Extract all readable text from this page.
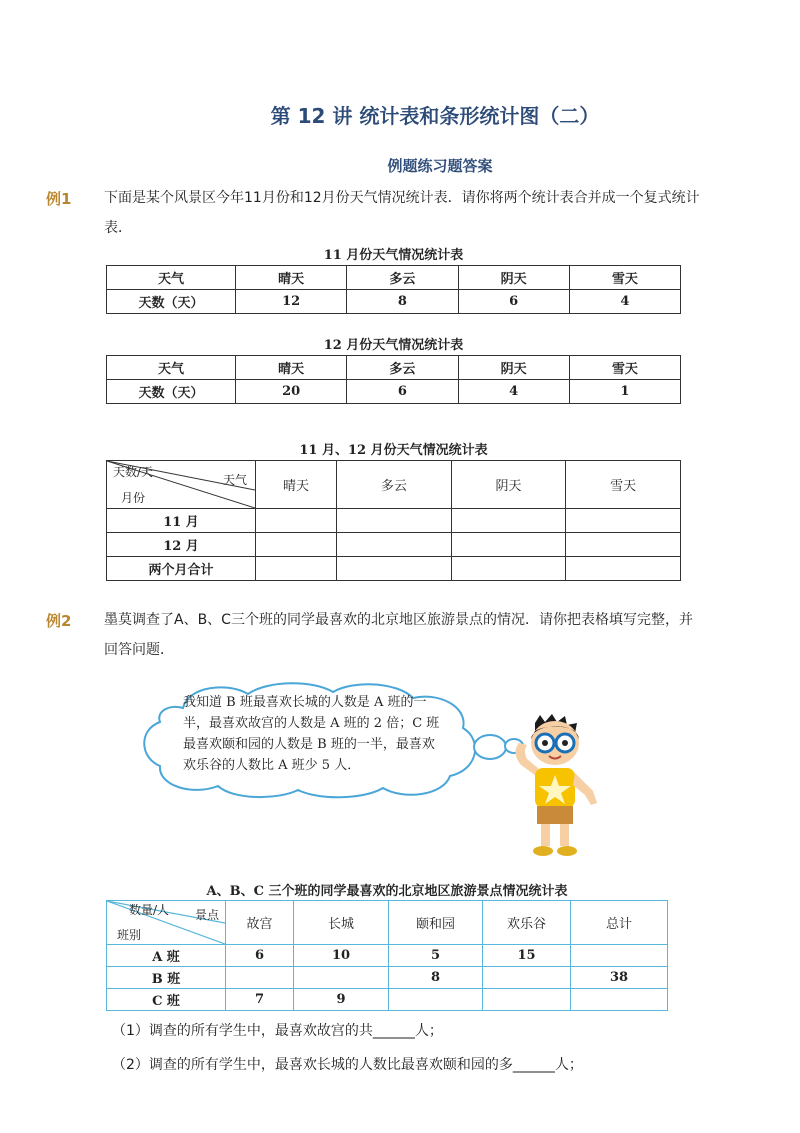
第 12 讲 统计表和条形统计图（二）
例题练习题答案
例1 下面是某个风景区今年11月份和12月份天气情况统计表．请你将两个统计表合并成一个复式统计
表．
11 月份天气情况统计表
天气	晴天	多云	阴天	雪天
天数（天）	12	8	6	4
12 月份天气情况统计表
天气	晴天	多云	阴天	雪天
天数（天）	20	6	4	1
11 月、12 月份天气情况统计表
天数/天
天气
月份	晴天	多云	阴天	雪天
11 月				
12 月				
两个月合计				
例2 墨莫调查了A、B、C三个班的同学最喜欢的北京地区旅游景点的情况．请你把表格填写完整，并
回答问题．
我知道 B 班最喜欢长城的人数是 A 班的一半，最喜欢故宫的人数是 A 班的 2 倍；C 班最喜欢颐和园的人数是 B 班的一半，最喜欢欢乐谷的人数比 A 班少 5 人．
A、B、C 三个班的同学最喜欢的北京地区旅游景点情况统计表
数量/人 景点
班别	故宫	长城	颐和园	欢乐谷	总计
A 班	6	10	5	15	
B 班			8		38
C 班	7	9			
（1）调查的所有学生中，最喜欢故宫的共______人；
（2）调查的所有学生中，最喜欢长城的人数比最喜欢颐和园的多______人；
